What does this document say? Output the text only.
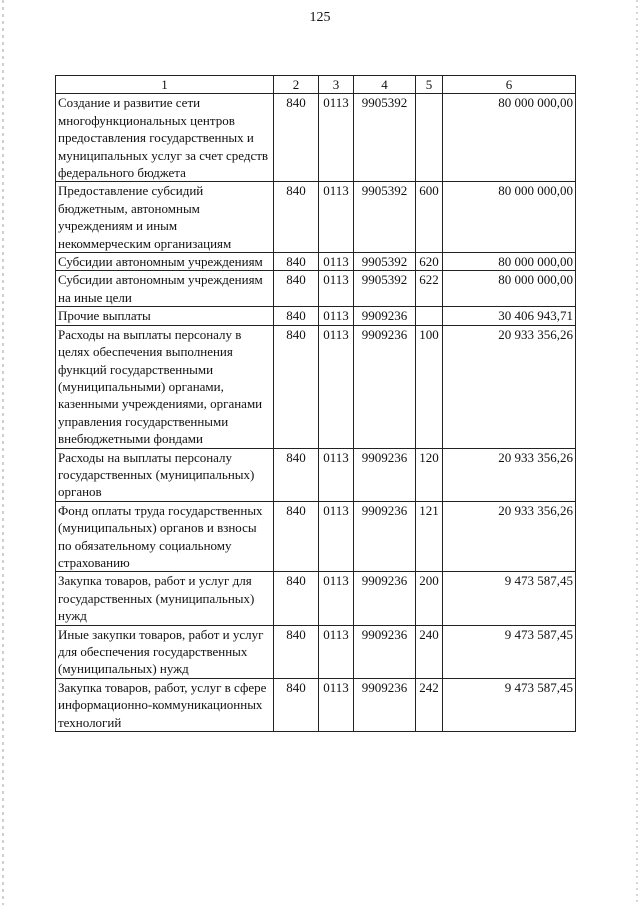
125
1	2	3	4	5	6
Создание и развитие сети многофункциональных центров предоставления государственных и муниципальных услуг за счет средств федерального бюджета	840	0113	9905392		80 000 000,00
Предоставление субсидий бюджетным, автономным учреждениям и иным некоммерческим организациям	840	0113	9905392	600	80 000 000,00
Субсидии автономным учреждениям	840	0113	9905392	620	80 000 000,00
Субсидии автономным учреждениям на иные цели	840	0113	9905392	622	80 000 000,00
Прочие выплаты	840	0113	9909236		30 406 943,71
Расходы на выплаты персоналу в целях обеспечения выполнения функций государственными (муниципальными) органами, казенными учреждениями, органами управления государственными внебюджетными фондами	840	0113	9909236	100	20 933 356,26
Расходы на выплаты персоналу государственных (муниципальных) органов	840	0113	9909236	120	20 933 356,26
Фонд оплаты труда государственных (муниципальных) органов и взносы по обязательному социальному страхованию	840	0113	9909236	121	20 933 356,26
Закупка товаров, работ и услуг для государственных (муниципальных) нужд	840	0113	9909236	200	9 473 587,45
Иные закупки товаров, работ и услуг для обеспечения государственных (муниципальных) нужд	840	0113	9909236	240	9 473 587,45
Закупка товаров, работ, услуг в сфере информационно-коммуникационных технологий	840	0113	9909236	242	9 473 587,45
